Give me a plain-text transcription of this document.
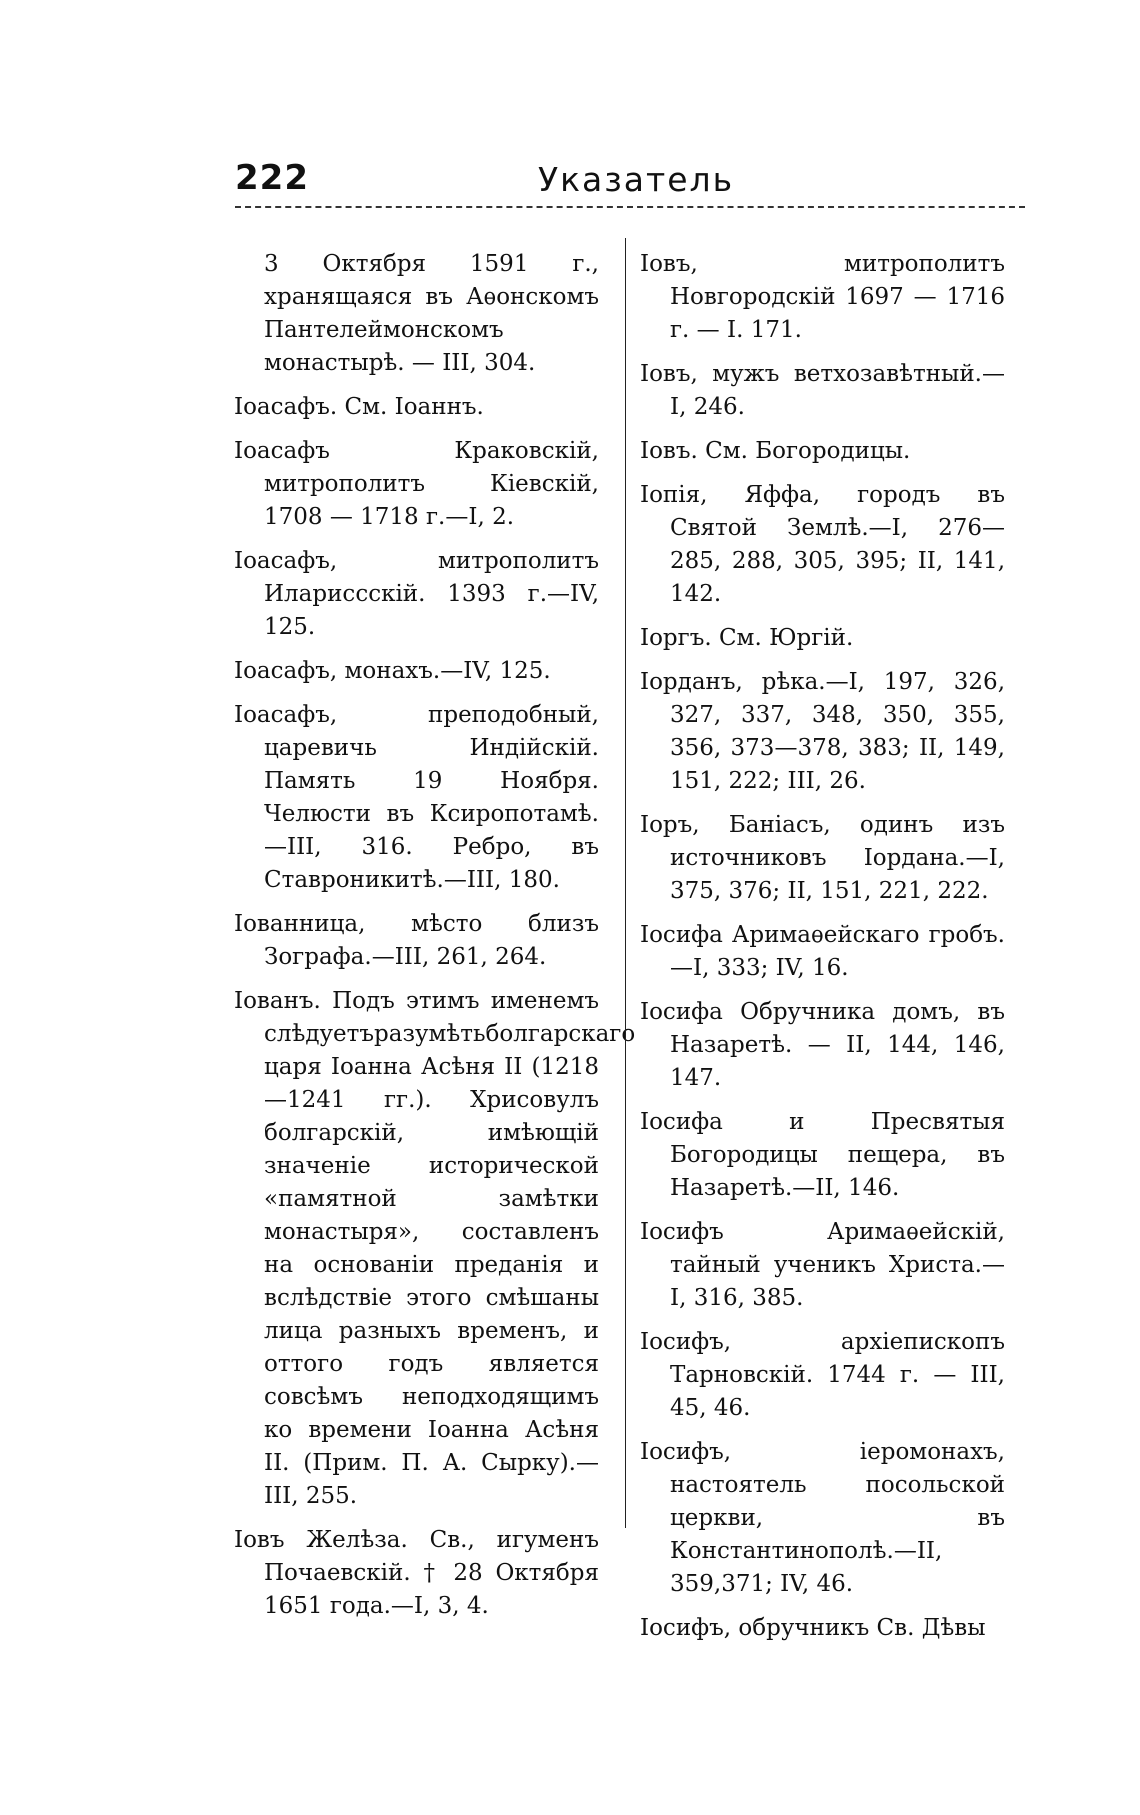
222	Указатель

3 Октября 1591 г., хранящаяся въ Аѳонскомъ Пантелеймонскомъ монастырѣ. — III, 304.

Іоасафъ. См. Іоаннъ.

Іоасафъ Краковскій, митрополитъ Кіевскій, 1708 — 1718 г.—I, 2.

Іоасафъ, митрополитъ Илариссскій. 1393 г.—IV, 125.

Іоасафъ, монахъ.—IV, 125.

Іоасафъ, преподобный, царевичь Индійскій. Память 19 Ноября. Челюсти въ Ксиропотамѣ.—III, 316. Ребро, въ Ставроникитѣ.—III, 180.

Іованница, мѣсто близъ Зографа.—III, 261, 264.

Іованъ. Подъ этимъ именемъ слѣдуетъразумѣтьболгарскаго царя Іоанна Асѣня II (1218 —1241 гг.). Хрисовулъ болгарскій, имѣющій значеніе исторической «памятной замѣтки монастыря», составленъ на основаніи преданія и вслѣдствіе этого смѣшаны лица разныхъ временъ, и оттого годъ является совсѣмъ неподходящимъ ко времени Іоанна Асѣня II. (Прим. П. А. Сырку).—III, 255.

Іовъ Желѣза. Св., игуменъ Почаевскій. † 28 Октября 1651 года.—I, 3, 4.

Іовъ, митрополитъ Новгородскій 1697 — 1716 г. — I. 171.

Іовъ, мужъ ветхозавѣтный.— I, 246.

Іовъ. См. Богородицы.

Іопія, Яффа, городъ въ Святой Землѣ.—I, 276—285, 288, 305, 395; II, 141, 142.

Іоргъ. См. Юргій.

Іорданъ, рѣка.—I, 197, 326, 327, 337, 348, 350, 355, 356, 373—378, 383; II, 149, 151, 222; III, 26.

Іоръ, Баніасъ, одинъ изъ источниковъ Іордана.—I, 375, 376; II, 151, 221, 222.

Іосифа Аримаѳейскаго гробъ. —I, 333; IV, 16.

Іосифа Обручника домъ, въ Назаретѣ. — II, 144, 146, 147.

Іосифа и Пресвятыя Богородицы пещера, въ Назаретѣ.—II, 146.

Іосифъ Аримаѳейскій, тайный ученикъ Христа.—I, 316, 385.

Іосифъ, архіепископъ Тарновскій. 1744 г. — III, 45, 46.

Іосифъ, іеромонахъ, настоятель посольской церкви, въ Константинополѣ.—II, 359,371; IV, 46.

Іосифъ, обручникъ Св. Дѣвы
